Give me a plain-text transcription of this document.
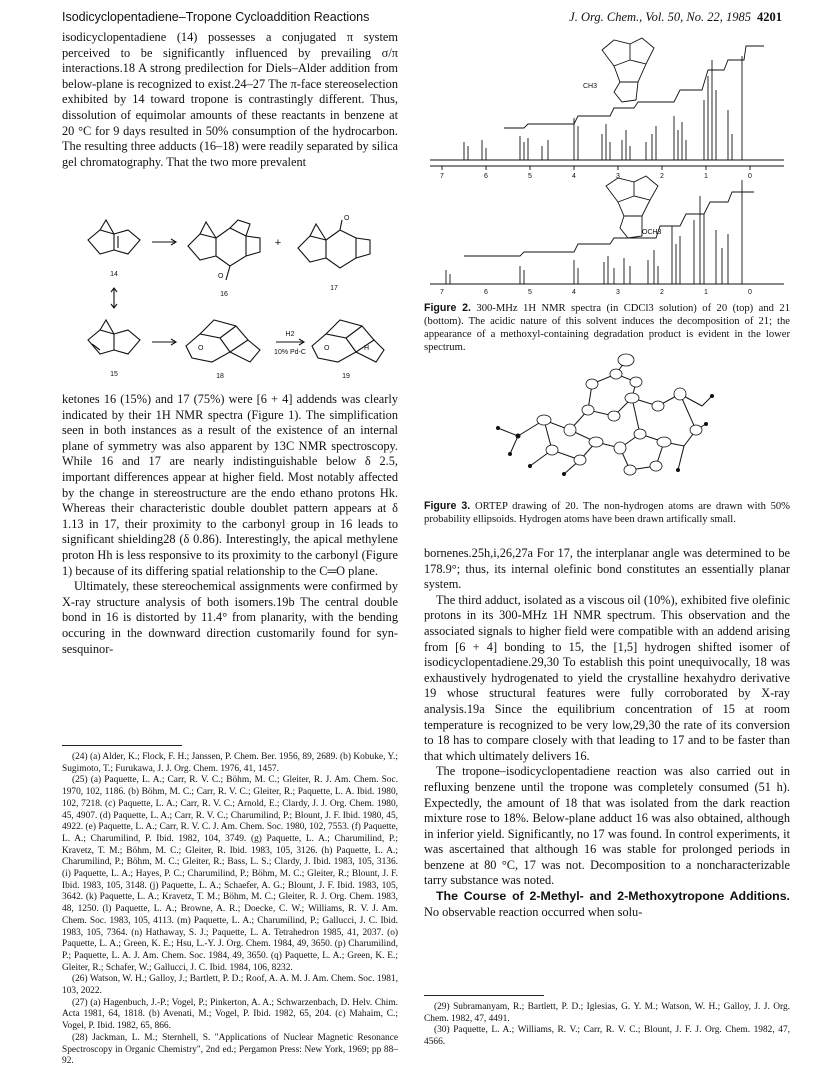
Isodicyclopentadiene–Tropone Cycloaddition Reactions	J. Org. Chem., Vol. 50, No. 22, 1985 4201

isodicyclopentadiene (14) possesses a conjugated π system perceived to be significantly influenced by prevailing σ/π interactions.18 A strong predilection for Diels–Alder addition from below-plane is recognized to exist.24–27 The π-face stereoselection exhibited by 14 toward tropone is contrastingly different. Thus, dissolution of equimolar amounts of these reactants in benzene at 20 °C for 9 days resulted in 50% consumption of the hydrocarbon. The resulting three adducts (16–18) were readily separated by silica gel chromatography. That the two more prevalent

O
O
O	O	H
14
16
17
15	18	19
H2
10% Pd-C
+

ketones 16 (15%) and 17 (75%) were [6 + 4] addends was clearly indicated by their 1H NMR spectra (Figure 1). The simplification seen in both instances as a result of the existence of an internal plane of symmetry was also apparent by 13C NMR spectroscopy. While 16 and 17 are nearly indistinguishable below δ 2.5, important differences appear at higher field. Most notably affected by the change in stereostructure are the endo ethano protons Hk. Whereas their characteristic double doublet pattern appears at δ 1.13 in 17, their proximity to the carbonyl group in 16 leads to significant shielding28 (δ 0.86). Interestingly, the apical methylene proton Hh is less responsive to its proximity to the carbonyl (Figure 1) because of its differing spatial relationship to the C═O plane.

Ultimately, these stereochemical assignments were confirmed by X-ray structure analysis of both isomers.19b The central double bond in 16 is distorted by 11.4° from planarity, with the bending occuring in the downward direction customarily found for syn-sesquinor-

(24) (a) Alder, K.; Flock, F. H.; Janssen, P. Chem. Ber. 1956, 89, 2689. (b) Kobuke, Y.; Sugimoto, T.; Furukawa, J. J. Org. Chem. 1976, 41, 1457.

(25) (a) Paquette, L. A.; Carr, R. V. C.; Böhm, M. C.; Gleiter, R. J. Am. Chem. Soc. 1970, 102, 1186. (b) Böhm, M. C.; Carr, R. V. C.; Gleiter, R.; Paquette, L. A. Ibid. 1980, 102, 7218. (c) Paquette, L. A.; Carr, R. V. C.; Arnold, E.; Clardy, J. J. Org. Chem. 1980, 45, 4907. (d) Paquette, L. A.; Carr, R. V. C.; Charumilind, P.; Blount, J. F. Ibid. 1980, 45, 4922. (e) Paquette, L. A.; Carr, R. V. C. J. Am. Chem. Soc. 1980, 102, 7553. (f) Paquette, L. A.; Charumilind, P. Ibid. 1982, 104, 3749. (g) Paquette, L. A.; Charumilind, P.; Kravetz, T. M.; Böhm, M. C.; Gleiter, R. Ibid. 1983, 105, 3126. (h) Paquette, L. A.; Charumilind, P.; Böhm, M. C.; Gleiter, R.; Bass, L. S.; Clardy, J. Ibid. 1983, 105, 3136. (i) Paquette, L. A.; Hayes, P. C.; Charumilind, P.; Böhm, M. C.; Gleiter, R.; Blount, J. F. Ibid. 1983, 105, 3148. (j) Paquette, L. A.; Schaefer, A. G.; Blount, J. F. Ibid. 1983, 105, 3642. (k) Paquette, L. A.; Kravetz, T. M.; Böhm, M. C.; Gleiter, R. J. Org. Chem. 1983, 48, 1250. (l) Paquette, L. A.; Browne, A. R.; Doecke, C. W.; Williams, R. V. J. Am. Chem. Soc. 1983, 105, 4113. (m) Paquette, L. A.; Charumilind, P.; Gallucci, J. C. Ibid. 1983, 105, 7364. (n) Hathaway, S. J.; Paquette, L. A. Tetrahedron 1985, 41, 2037. (o) Paquette, L. A.; Green, K. E.; Hsu, L.-Y. J. Org. Chem. 1984, 49, 3650. (p) Charumilind, P.; Paquette, L. A. J. Am. Chem. Soc. 1984, 49, 3650. (q) Paquette, L. A.; Green, K. E.; Gleiter, R.; Schafer, W.; Gallucci, J. C. Ibid. 1984, 106, 8232.

(26) Watson, W. H.; Galloy, J.; Bartlett, P. D.; Roof, A. A. M. J. Am. Chem. Soc. 1981, 103, 2022.

(27) (a) Hagenbuch, J.-P.; Vogel, P.; Pinkerton, A. A.; Schwarzenbach, D. Helv. Chim. Acta 1981, 64, 1818. (b) Avenati, M.; Vogel, P. Ibid. 1982, 65, 204. (c) Mahaim, C.; Vogel, P. Ibid. 1982, 65, 866.

(28) Jackman, L. M.; Sternhell, S. "Applications of Nuclear Magnetic Resonance Spectroscopy in Organic Chemistry", 2nd ed.; Pergamon Press: New York, 1969; pp 88–92.

7	6	5	4	3	2	1	0
CH3
7	6	5	4	3	2	1	0
OCH3
Figure 2. 300-MHz 1H NMR spectra (in CDCl3 solution) of 20 (top) and 21 (bottom). The acidic nature of this solvent induces the decomposition of 21; the appearance of a methoxyl-containing degradation product is evident in the lower spectrum.
Figure 3. ORTEP drawing of 20. The non-hydrogen atoms are drawn with 50% probability ellipsoids. Hydrogen atoms have been drawn artifically small.

bornenes.25h,i,26,27a For 17, the interplanar angle was determined to be 178.9°; thus, its internal olefinic bond constitutes an essentially planar system.

The third adduct, isolated as a viscous oil (10%), exhibited five olefinic protons in its 300-MHz 1H NMR spectrum. This observation and the associated signals to higher field were compatible with an addend arising from [6 + 4] bonding to 15, the [1,5] hydrogen shifted isomer of isodicyclopentadiene.29,30 To establish this point unequivocally, 18 was exhaustively hydrogenated to yield the crystalline hexahydro derivative 19 whose structural features were fully corroborated by X-ray analysis.19a Since the equilibrium concentration of 15 at room temperature is recognized to be very low,29,30 the rate of its conversion to 18 has to compare closely with that leading to 17 and to be faster than that which ultimately delivers 16.

The tropone–isodicyclopentadiene reaction was also carried out in refluxing benzene until the tropone was completely consumed (51 h). Expectedly, the amount of 18 that was isolated from the dark reaction mixture rose to 18%. Below-plane adduct 16 was also obtained, although in inferior yield. Significantly, no 17 was found. In control experiments, it was ascertained that although 16 was stable for prolonged periods in benzene at 80 °C, 17 was not. Decomposition to a noncharacterizable tarry substance was noted.

The Course of 2-Methyl- and 2-Methoxytropone Additions. No observable reaction occurred when solu-

(29) Subramanyam, R.; Bartlett, P. D.; Iglesias, G. Y. M.; Watson, W. H.; Galloy, J. J. Org. Chem. 1982, 47, 4491.

(30) Paquette, L. A.; Williams, R. V.; Carr, R. V. C.; Blount, J. F. J. Org. Chem. 1982, 47, 4566.
